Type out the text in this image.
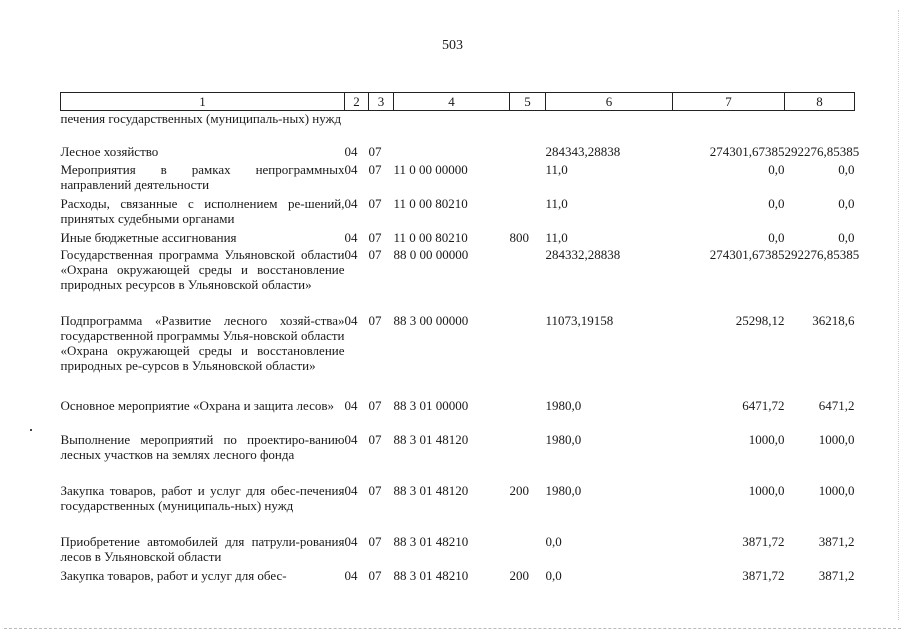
503
1	2	3	4	5	6	7	8
печения государственных (муниципаль-ных) нужд							
Лесное хозяйство	04	07			284343,28838	274301,67385	292276,85385
Мероприятия в рамках непрограммных направлений деятельности	04	07	11 0 00 00000		11,0	0,0	0,0
Расходы, связанные с исполнением ре-шений, принятых судебными органами	04	07	11 0 00 80210		11,0	0,0	0,0
Иные бюджетные ассигнования	04	07	11 0 00 80210	800	11,0	0,0	0,0
Государственная программа Ульяновской области «Охрана окружающей среды и восстановление природных ресурсов в Ульяновской области»	04	07	88 0 00 00000		284332,28838	274301,67385	292276,85385
Подпрограмма «Развитие лесного хозяй-ства» государственной программы Улья-новской области «Охрана окружающей среды и восстановление природных ре-сурсов в Ульяновской области»	04	07	88 3 00 00000		11073,19158	25298,12	36218,6
Основное мероприятие «Охрана и защита лесов»	04	07	88 3 01 00000		1980,0	6471,72	6471,2
Выполнение мероприятий по проектиро-ванию лесных участков на землях лесного фонда	04	07	88 3 01 48120		1980,0	1000,0	1000,0
Закупка товаров, работ и услуг для обес-печения государственных (муниципаль-ных) нужд	04	07	88 3 01 48120	200	1980,0	1000,0	1000,0
Приобретение автомобилей для патрули-рования лесов в Ульяновской области	04	07	88 3 01 48210		0,0	3871,72	3871,2
Закупка товаров, работ и услуг для обес-	04	07	88 3 01 48210	200	0,0	3871,72	3871,2
